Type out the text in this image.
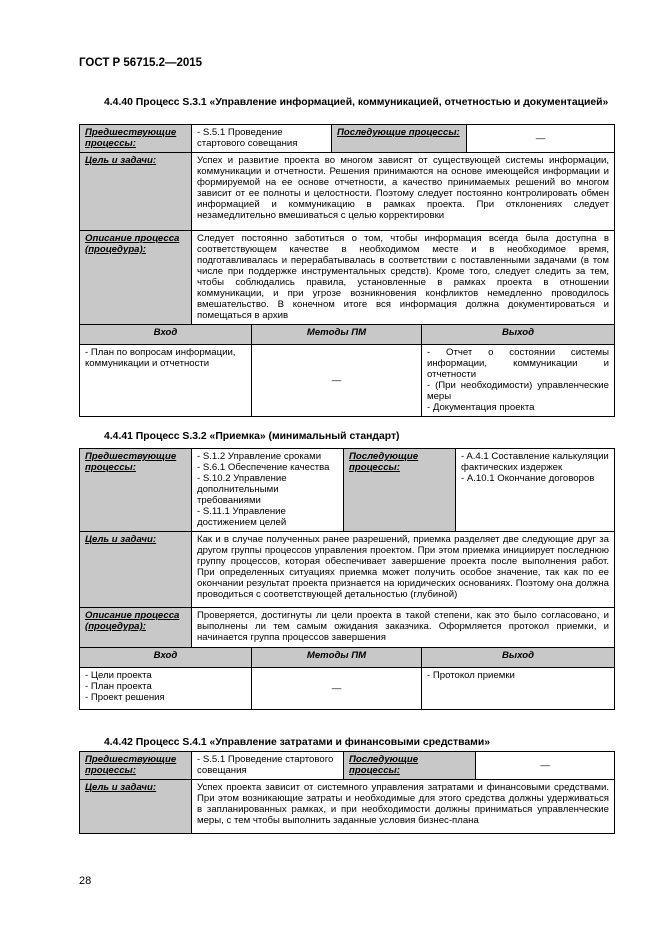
ГОСТ Р 56715.2—2015
4.4.40 Процесс S.3.1 «Управление информацией, коммуникацией, отчетностью и документацией»
Предшествующие процессы:	- S.5.1 Проведение стартового совещания	Последующие процессы:	—
Цель и задачи:	Успех и развитие проекта во многом зависят от существующей системы информации, коммуникации и отчетности. Решения принимаются на основе имеющейся информации и формируемой на ее основе отчетности, а качество принимаемых решений во многом зависит от ее полноты и целостности. Поэтому следует постоянно контролировать обмен информацией и коммуникацию в рамках проекта. При отклонениях следует незамедлительно вмешиваться с целью корректировки		
Описание процесса (процедура):	Следует постоянно заботиться о том, чтобы информация всегда была доступна в соответствующем качестве в необходимом месте и в необходимое время, подготавливалась и перерабатывалась в соответствии с поставленными задачами (в том числе при поддержке инструментальных средств). Кроме того, следует следить за тем, чтобы соблюдались правила, установленные в рамках проекта в отношении коммуникации, и при угрозе возникновения конфликтов немедленно проводилось вмешательство. В конечном итоге вся информация должна документироваться и помещаться в архив		
Вход	Методы ПМ	Выход
- План по вопросам информации, коммуникации и отчетности	—	- Отчет о состоянии системы информации, коммуникации и отчетности
- (При необходимости) управленческие меры
- Документация проекта
4.4.41 Процесс S.3.2 «Приемка» (минимальный стандарт)
Предшествующие процессы:	- S.1.2 Управление сроками
- S.6.1 Обеспечение качества
- S.10.2 Управление дополнительными требованиями
- S.11.1 Управление достижением целей	Последующие процессы:	- A.4.1 Составление калькуляции фактических издержек
- A.10.1 Окончание договоров
Цель и задачи:	Как и в случае полученных ранее разрешений, приемка разделяет две следующие друг за другом группы процессов управления проектом. При этом приемка инициирует последнюю группу процессов, которая обеспечивает завершение проекта после выполнения работ. При определенных ситуациях приемка может получить особое значение, так как по ее окончании результат проекта признается на юридических основаниях. Поэтому она должна проводиться с соответствующей детальностью (глубиной)		
Описание процесса (процедура):	Проверяется, достигнуты ли цели проекта в такой степени, как это было согласовано, и выполнены ли тем самым ожидания заказчика. Оформляется протокол приемки, и начинается группа процессов завершения		
Вход	Методы ПМ	Выход
- Цели проекта
- План проекта
- Проект решения	—	- Протокол приемки
4.4.42 Процесс S.4.1 «Управление затратами и финансовыми средствами»
Предшествующие процессы:	- S.5.1 Проведение стартового совещания	Последующие процессы:	—
Цель и задачи:	Успех проекта зависит от системного управления затратами и финансовыми средствами. При этом возникающие затраты и необходимые для этого средства должны удерживаться в запланированных рамках, и при необходимости должны приниматься управленческие меры, с тем чтобы выполнить заданные условия бизнес-плана		
28
